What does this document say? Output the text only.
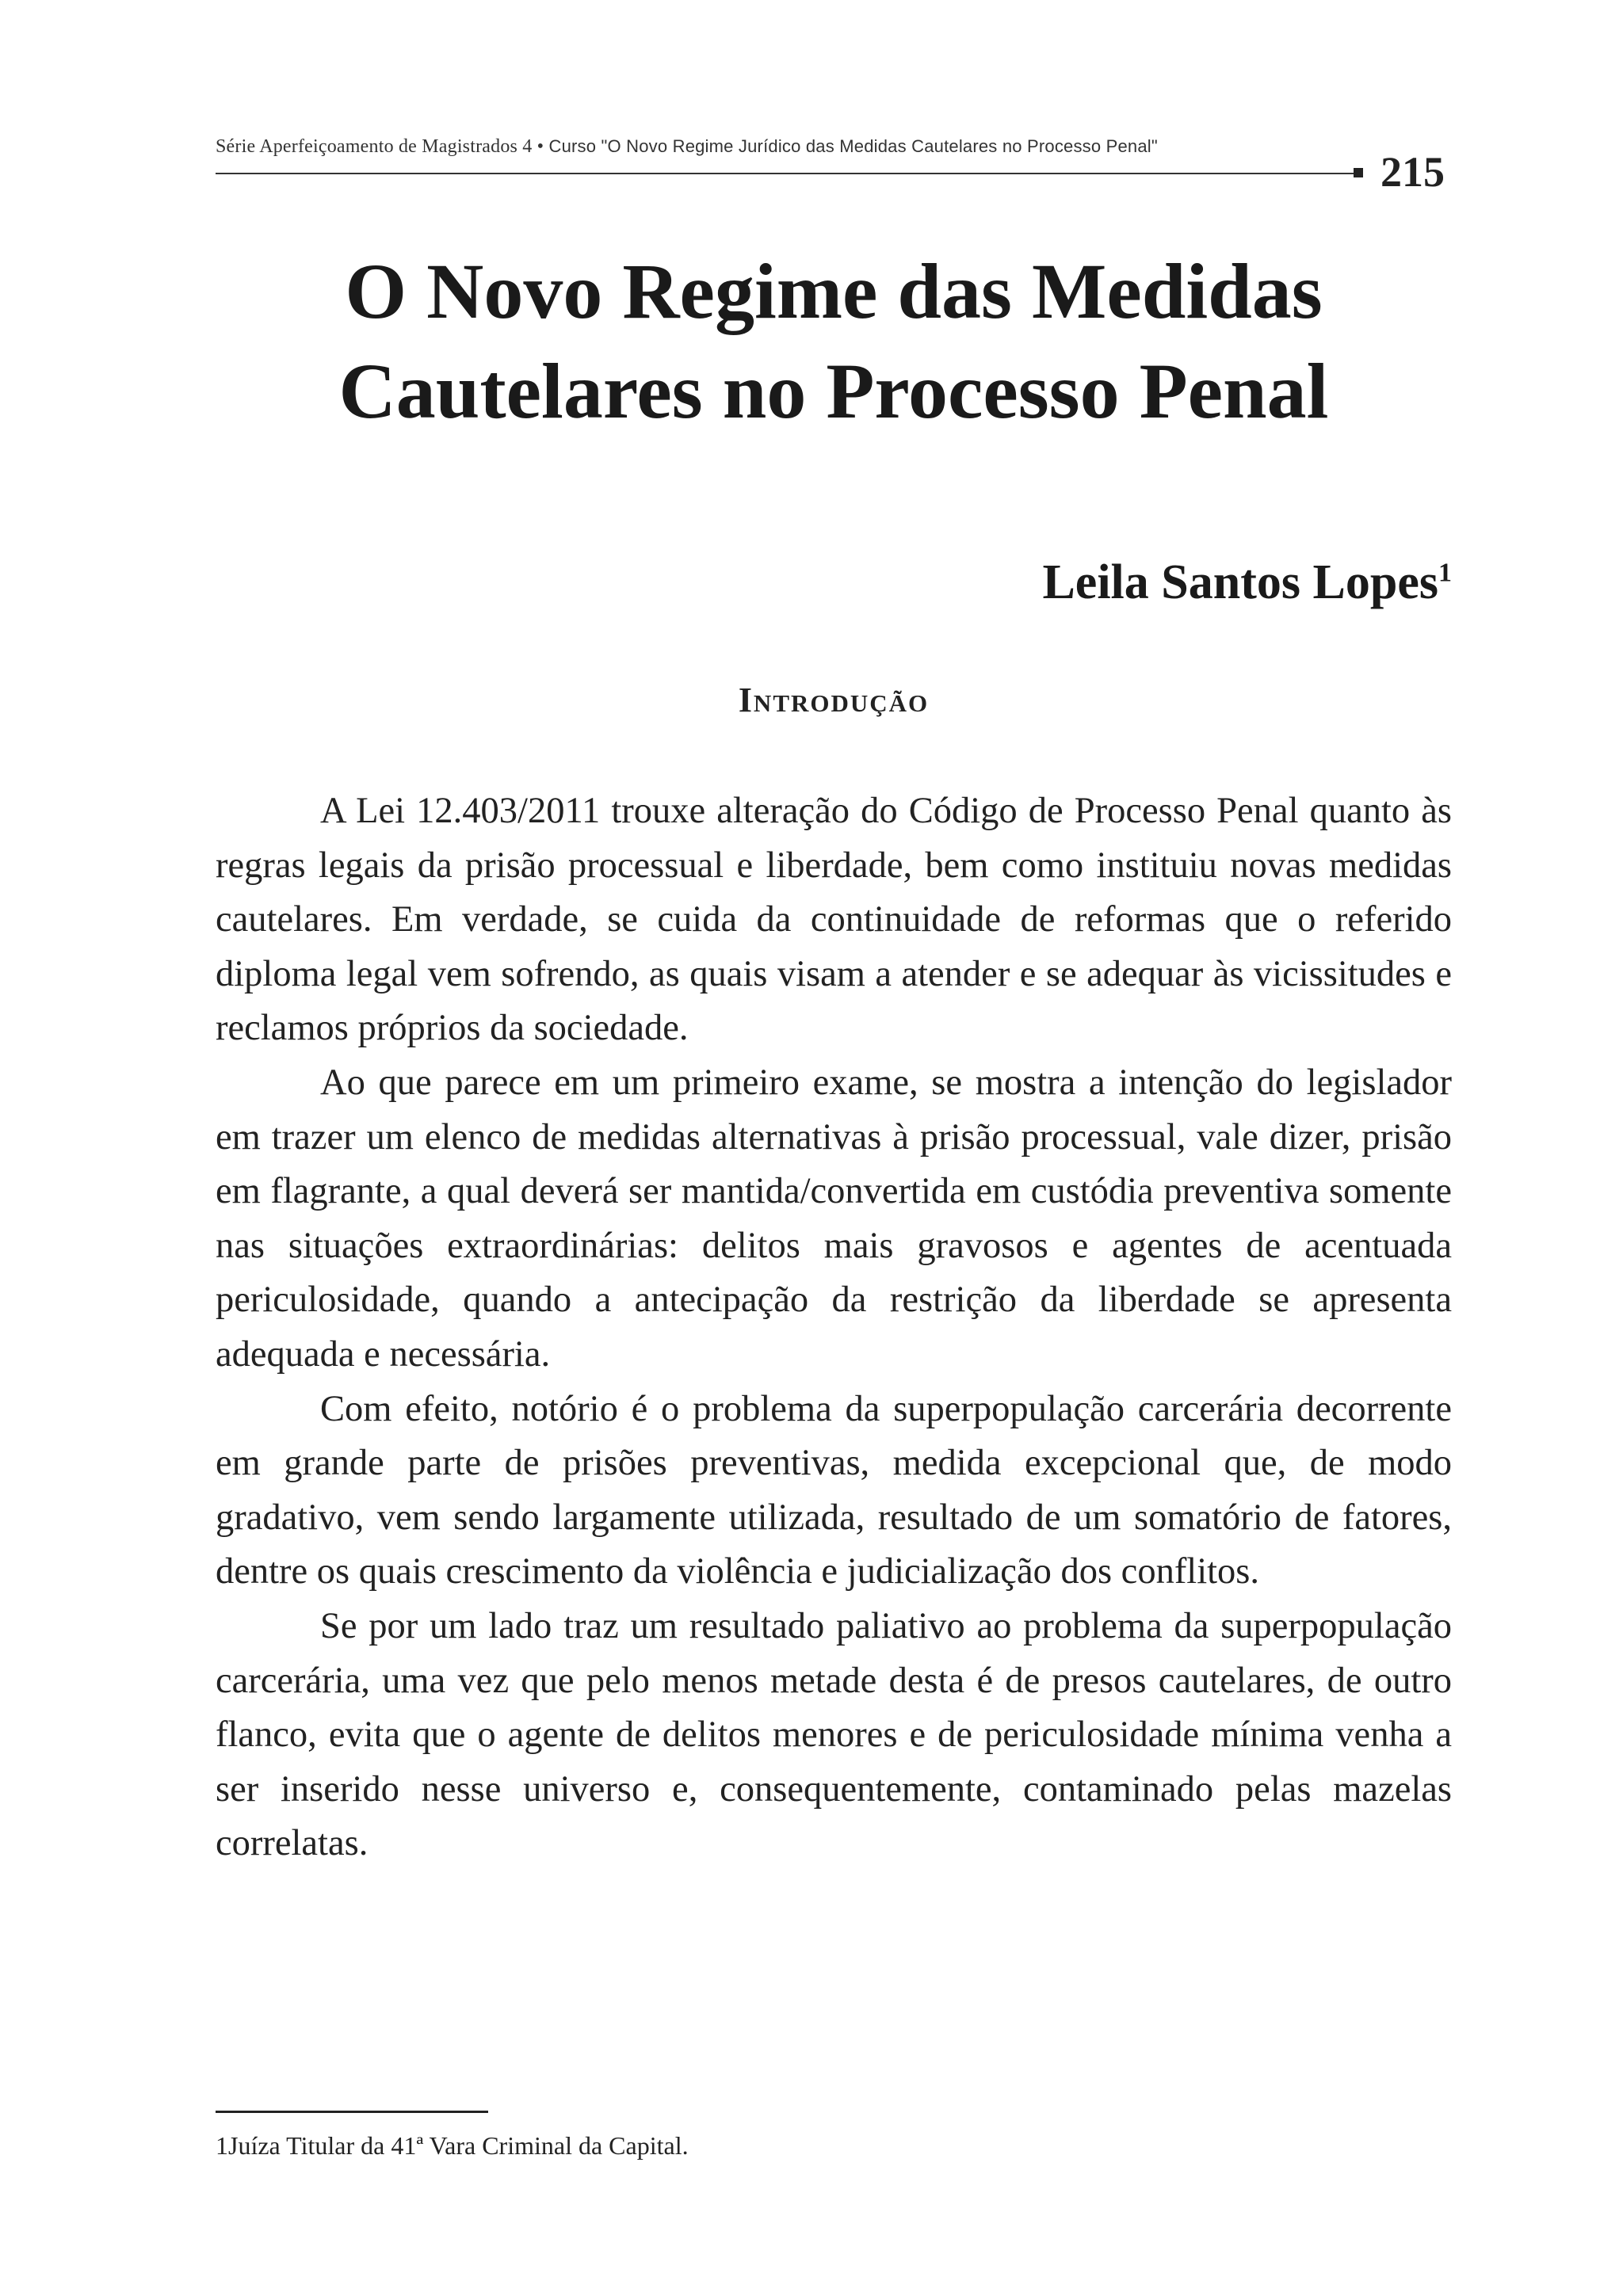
Série Aperfeiçoamento de Magistrados 4 • Curso "O Novo Regime Jurídico das Medidas Cautelares no Processo Penal"
215
O Novo Regime das Medidas
Cautelares no Processo Penal
Leila Santos Lopes$^1$
Introdução

A Lei 12.403/2011 trouxe alteração do Código de Processo Penal quanto às regras legais da prisão processual e liberdade, bem como instituiu novas medidas cautelares. Em verdade, se cuida da continuidade de reformas que o referido diploma legal vem sofrendo, as quais visam a atender e se adequar às vicissitudes e reclamos próprios da sociedade.

Ao que parece em um primeiro exame, se mostra a intenção do legislador em trazer um elenco de medidas alternativas à prisão processual, vale dizer, prisão em flagrante, a qual deverá ser mantida/convertida em custódia preventiva somente nas situações extraordinárias: delitos mais gravosos e agentes de acentuada periculosidade, quando a antecipação da restrição da liberdade se apresenta adequada e necessária.

Com efeito, notório é o problema da superpopulação carcerária decorrente em grande parte de prisões preventivas, medida excepcional que, de modo gradativo, vem sendo largamente utilizada, resultado de um somatório de fatores, dentre os quais crescimento da violência e judicialização dos conflitos.

Se por um lado traz um resultado paliativo ao problema da superpopulação carcerária, uma vez que pelo menos metade desta é de presos cautelares, de outro flanco, evita que o agente de delitos menores e de periculosidade mínima venha a ser inserido nesse universo e, consequentemente, contaminado pelas mazelas correlatas.

1Juíza Titular da 41ª Vara Criminal da Capital.
